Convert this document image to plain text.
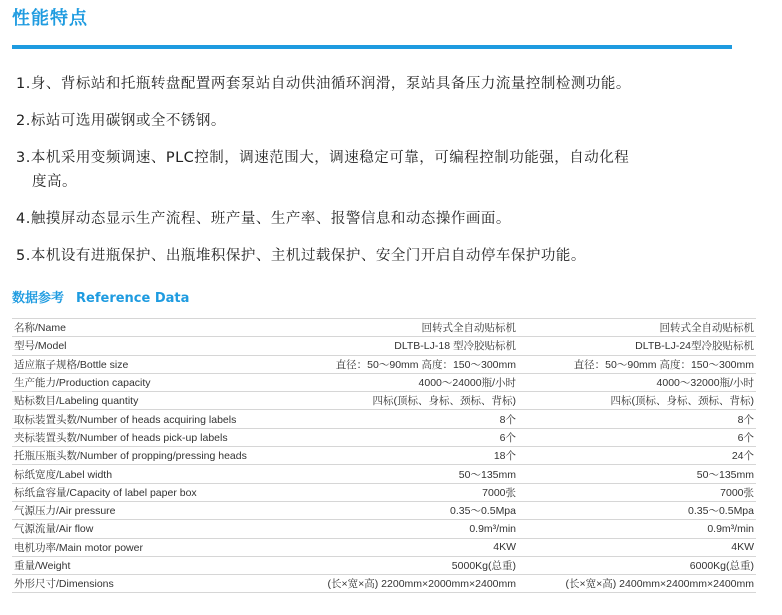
性能特点
1.身、背标站和托瓶转盘配置两套泵站自动供油循环润滑，泵站具备压力流量控制检测功能。
2.标站可选用碳钢或全不锈钢。
3.本机采用变频调速、PLC控制，调速范围大，调速稳定可靠，可编程控制功能强，自动化程
度高。
4.触摸屏动态显示生产流程、班产量、生产率、报警信息和动态操作画面。
5.本机设有进瓶保护、出瓶堆积保护、主机过载保护、安全门开启自动停车保护功能。
数据参考 Reference Data
名称/Name	回转式全自动贴标机	回转式全自动贴标机
型号/Model	DLTB-LJ-18 型冷胶贴标机	DLTB-LJ-24型冷胶贴标机
适应瓶子规格/Bottle size	直径：50～90mm 高度：150～300mm	直径：50～90mm 高度：150～300mm
生产能力/Production capacity	4000～24000瓶/小时	4000～32000瓶/小时
贴标数目/Labeling quantity	四标(顶标、身标、颈标、背标)	四标(顶标、身标、颈标、背标)
取标装置头数/Number of heads acquiring labels	8个	8个
夹标装置头数/Number of heads pick-up labels	6个	6个
托瓶压瓶头数/Number of propping/pressing heads	18个	24个
标纸宽度/Label width	50～135mm	50～135mm
标纸盒容量/Capacity of label paper box	7000张	7000张
气源压力/Air pressure	0.35～0.5Mpa	0.35～0.5Mpa
气源流量/Air flow	0.9m³/min	0.9m³/min
电机功率/Main motor power	4KW	4KW
重量/Weight	5000Kg(总重)	6000Kg(总重)
外形尺寸/Dimensions	(长×宽×高) 2200mm×2000mm×2400mm	(长×宽×高) 2400mm×2400mm×2400mm
